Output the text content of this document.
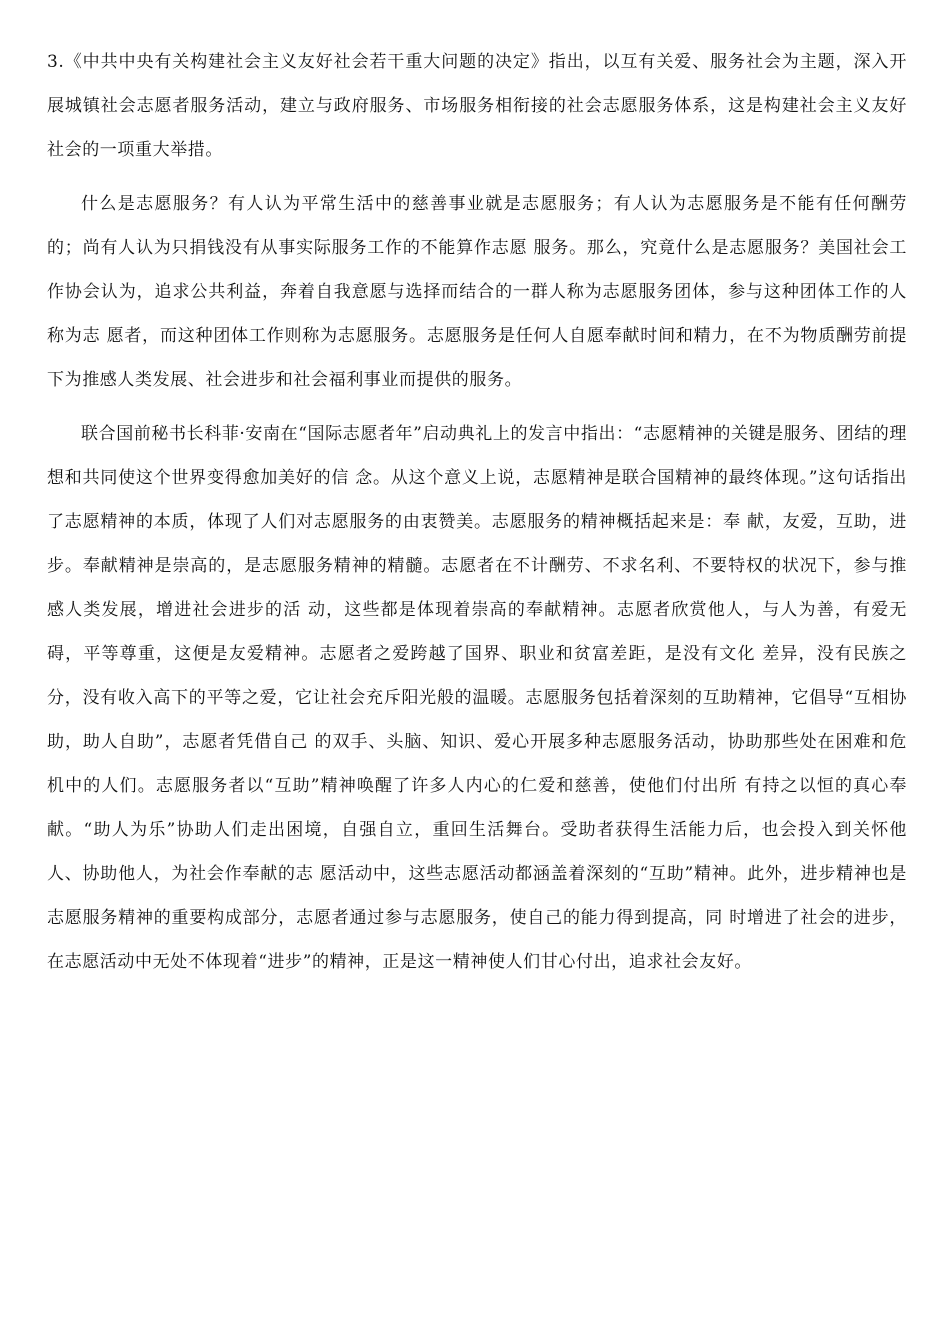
3.《中共中央有关构建社会主义友好社会若干重大问题的决定》指出，以互有关爱、服务社会为主题，深入开展城镇社会志愿者服务活动，建立与政府服务、市场服务相衔接的社会志愿服务体系，这是构建社会主义友好社会的一项重大举措。

什么是志愿服务？有人认为平常生活中的慈善事业就是志愿服务；有人认为志愿服务是不能有任何酬劳的；尚有人认为只捐钱没有从事实际服务工作的不能算作志愿 服务。那么，究竟什么是志愿服务？美国社会工作协会认为，追求公共利益，奔着自我意愿与选择而结合的一群人称为志愿服务团体，参与这种团体工作的人称为志 愿者，而这种团体工作则称为志愿服务。志愿服务是任何人自愿奉献时间和精力，在不为物质酬劳前提下为推感人类发展、社会进步和社会福利事业而提供的服务。

联合国前秘书长科菲·安南在“国际志愿者年”启动典礼上的发言中指出：“志愿精神的关键是服务、团结的理想和共同使这个世界变得愈加美好的信 念。从这个意义上说，志愿精神是联合国精神的最终体现。”这句话指出了志愿精神的本质，体现了人们对志愿服务的由衷赞美。志愿服务的精神概括起来是：奉 献，友爱，互助，进步。奉献精神是崇高的，是志愿服务精神的精髓。志愿者在不计酬劳、不求名利、不要特权的状况下，参与推感人类发展，增进社会进步的活 动，这些都是体现着崇高的奉献精神。志愿者欣赏他人，与人为善，有爱无碍，平等尊重，这便是友爱精神。志愿者之爱跨越了国界、职业和贫富差距，是没有文化 差异，没有民族之分，没有收入高下的平等之爱，它让社会充斥阳光般的温暖。志愿服务包括着深刻的互助精神，它倡导“互相协助，助人自助”，志愿者凭借自己 的双手、头脑、知识、爱心开展多种志愿服务活动，协助那些处在困难和危机中的人们。志愿服务者以“互助”精神唤醒了许多人内心的仁爱和慈善，使他们付出所 有持之以恒的真心奉献。“助人为乐”协助人们走出困境，自强自立，重回生活舞台。受助者获得生活能力后，也会投入到关怀他人、协助他人，为社会作奉献的志 愿活动中，这些志愿活动都涵盖着深刻的“互助”精神。此外，进步精神也是志愿服务精神的重要构成部分，志愿者通过参与志愿服务，使自己的能力得到提高，同 时增进了社会的进步，在志愿活动中无处不体现着“进步”的精神，正是这一精神使人们甘心付出，追求社会友好。
